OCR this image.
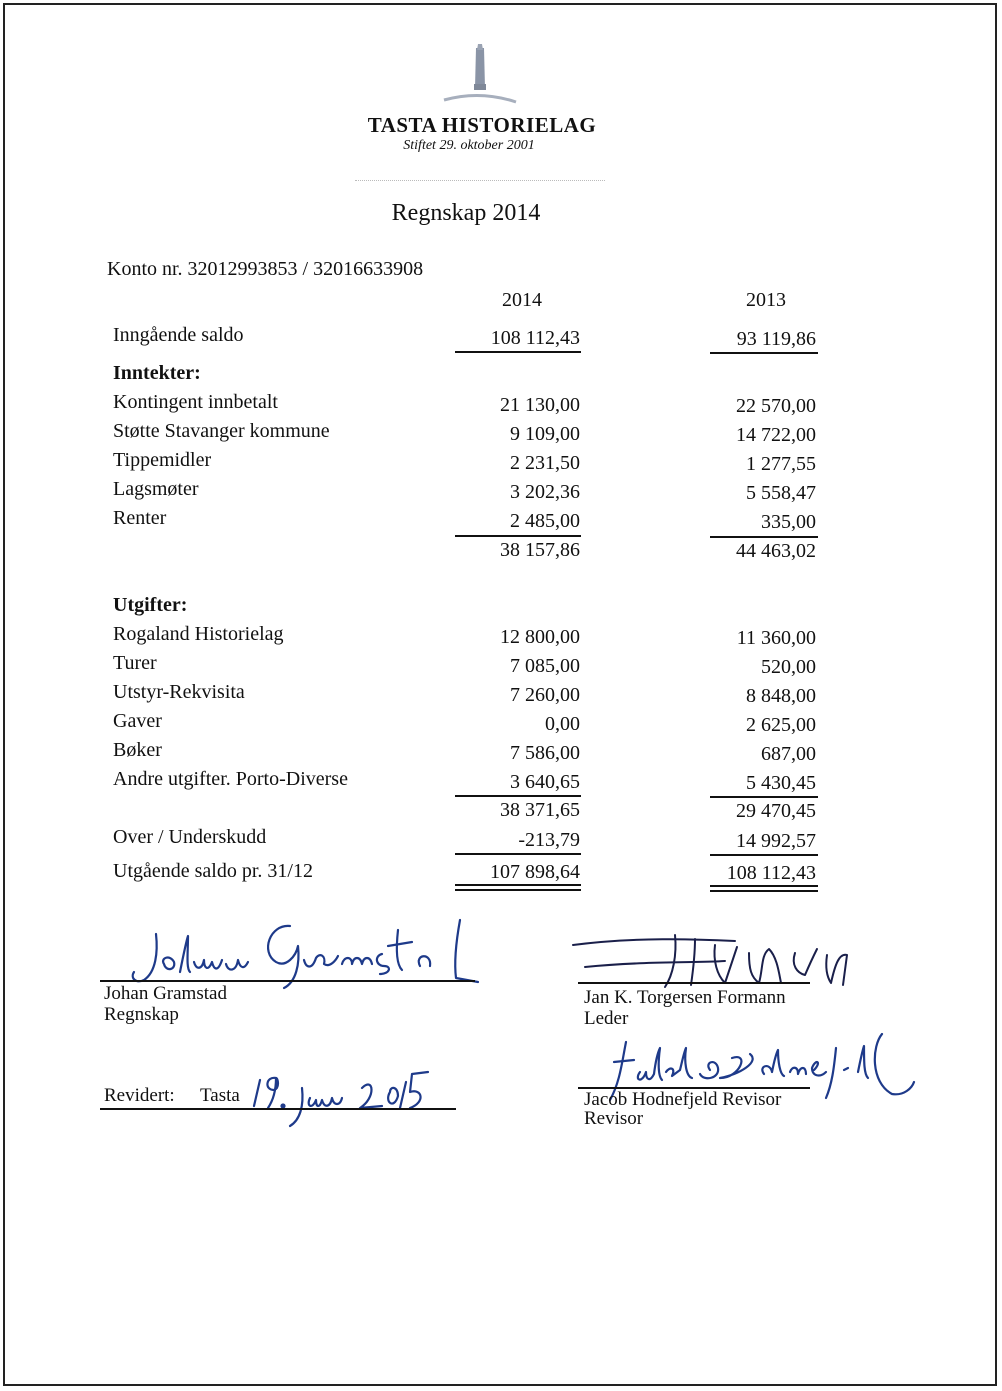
TASTA HISTORIELAG
Stiftet 29. oktober 2001
Regnskap 2014
Konto nr. 32012993853 / 32016633908
2014	2013
Inngående saldo	108 112,43	93 119,86
Inntekter:
Kontingent innbetalt	21 130,00	22 570,00
Støtte Stavanger kommune	9 109,00	14 722,00
Tippemidler	2 231,50	1 277,55
Lagsmøter	3 202,36	5 558,47
Renter	2 485,00	335,00
38 157,86	44 463,02
Utgifter:
Rogaland Historielag	12 800,00	11 360,00
Turer	7 085,00	520,00
Utstyr-Rekvisita	7 260,00	8 848,00
Gaver	0,00	2 625,00
Bøker	7 586,00	687,00
Andre utgifter. Porto-Diverse	3 640,65	5 430,45
38 371,65	29 470,45
Over / Underskudd	-213,79	14 992,57
Utgående saldo pr. 31/12	107 898,64	108 112,43
Johan Gramstad
Regnskap
Jan K. Torgersen Formann
Leder
Revidert: Tasta	Jacob Hodnefjeld Revisor
Revisor
